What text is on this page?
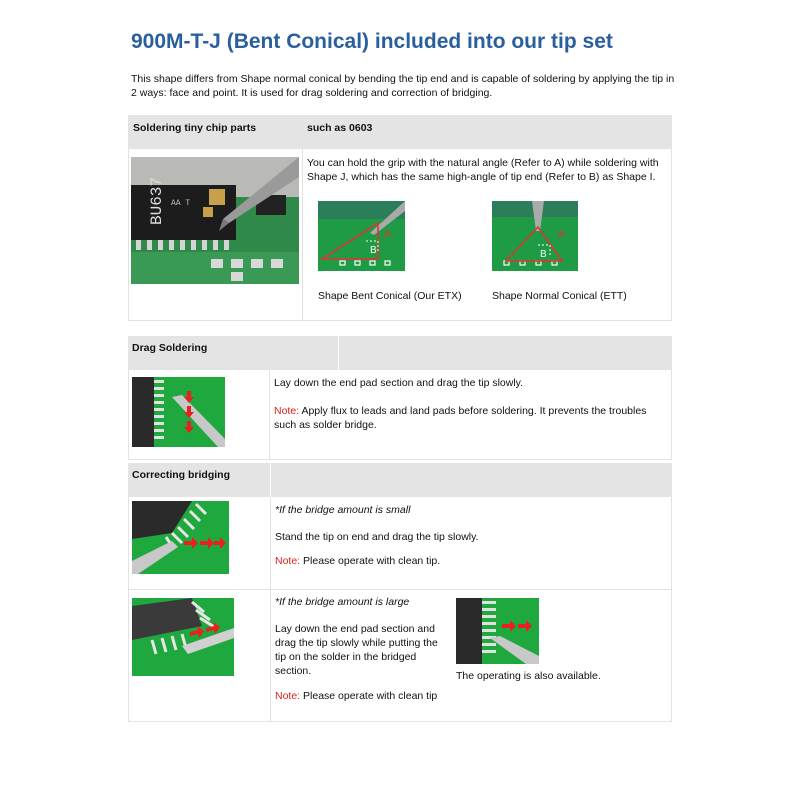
900M-T-J (Bent Conical) included into our tip set
This shape differs from Shape normal conical by bending the tip end and is capable of soldering by applying the tip in 2 ways: face and point. It is used for drag soldering and correction of bridging.
Soldering tiny chip parts	such as 0603
BU637 AA T
You can hold the grip with the natural angle (Refer to A) while soldering with Shape J, which has the same high-angle of tip end (Refer to B) as Shape I.
A
B
A
B
Shape Bent Conical (Our ETX)	Shape Normal Conical (ETT)
Drag Soldering
Lay down the end pad section and drag the tip slowly.
Note: Apply flux to leads and land pads before soldering. It prevents the troubles such as solder bridge.
Correcting bridging
*If the bridge amount is small
Stand the tip on end and drag the tip slowly.
Note: Please operate with clean tip.
*If the bridge amount is large
Lay down the end pad section and drag the tip slowly while putting the tip on the solder in the bridged section.
Note: Please operate with clean tip
The operating is also available.
